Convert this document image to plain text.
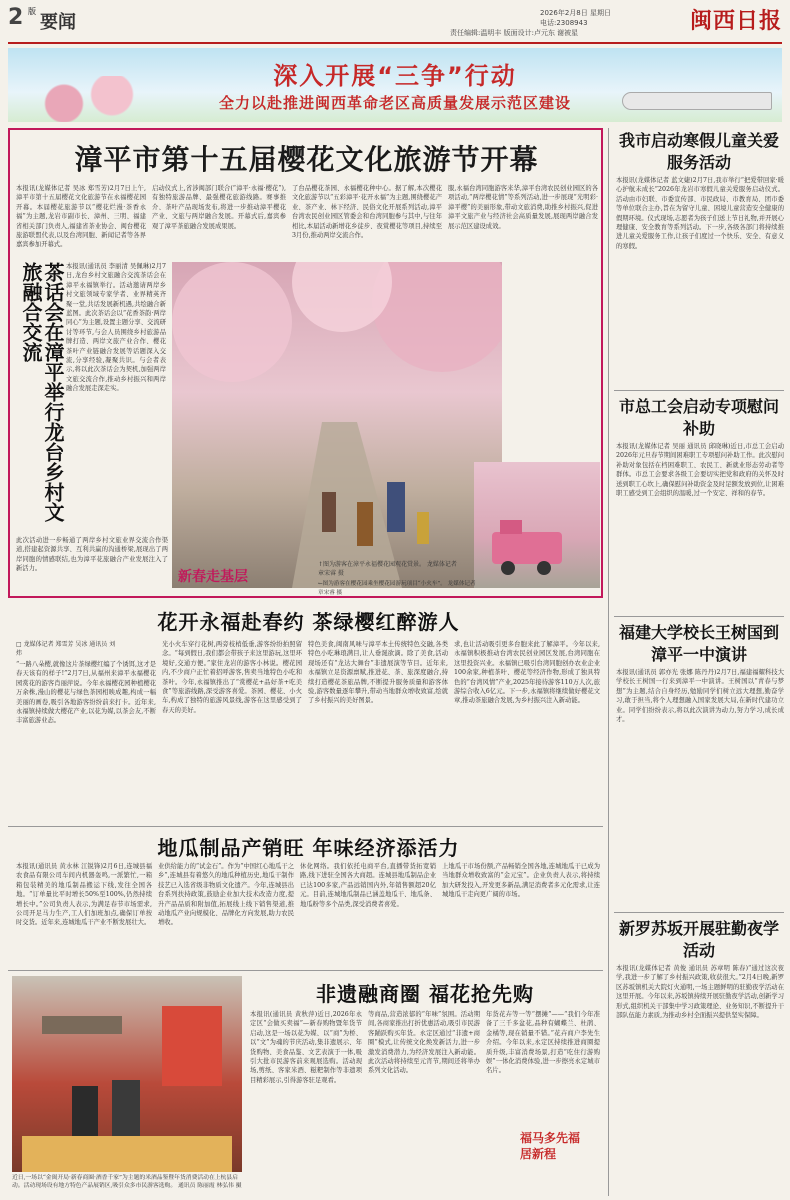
2 版
要闻	2026年2月8日 星期日
电话:2308943
责任编辑:温明丰 版面设计:卢元东 谢被星	闽西日报
深入开展“三争”行动
全力以赴推进闽西革命老区高质量发展示范区建设
漳平市第十五届樱花文化旅游节开幕
本报讯(龙媒体记者 吴冰 郑雪芳)2月7日上午,漳平市第十五届樱花文化旅游节在永福樱花园开幕。本届樱花旅游节以“樱花烂漫·茶香永福”为主题,龙岩市副市长、漳州、三明、福建省相关部门负责人,福建省茶业协会、闽台樱花旅游联盟代表,以及台湾同胞、新闻记者等各界嘉宾参加开幕式。
启动仪式上,省涉闽部门联合(“漳平·永福·樱花”),有独特旅游品牌、最强樱花旅游线路。赛事推介、茶叶产品现场发布,将进一步推动漳平樱花产业、文旅与两岸融合发展。开幕式后,嘉宾参观了漳平茶旅融合发展成果展。
了台品樱花茶园、永福樱花种中心。据了解,本次樱花文化旅游节以“五彩漳平·花开永福”为主题,围绕樱花产业、茶产业、林下经济、民俗文化开展系列活动,漳平台湾农民创业园区管委会和台湾同胞参与其中,与往年相比,本届活动新增花乡徒步、夜赏樱花等项目,持续至3月份,推动两岸交流合作。
服,永福台湾同胞游客来华,漳平台湾农民创业园区的各项活动,“两岸樱花情”等系列活动,进一步展现“光明彩·漳平樱”的美丽形象,带动文旅消费,助推乡村振兴,促进漳平文旅产业与经济社会高质量发展,展现两岸融合发展示范区建设成效。
茶话会在漳平举行龙台乡村文旅融合交流	本报讯(通讯员 李丽清 吴佩琳)2月7日,龙台乡村文旅融合交流茶话会在漳平永福镇举行。活动邀请两岸乡村文旅领域专家学者、业界精英齐聚一堂,共话发展新机遇,共绘融合新蓝图。此次茶话会以“花香茶韵·两岸同心”为主题,设置主题分享、交流研讨等环节,与会人员围绕乡村旅游品牌打造、两岸文旅产业合作、樱花茶叶产业链融合发展等话题深入交流,分享经验,凝聚共识。与会者表示,将以此次茶话会为契机,加强两岸文旅交流合作,推动乡村振兴和两岸融合发展走深走实。
此次活动进一步畅通了两岸乡村文旅业界交流合作渠道,搭建起资源共享、互利共赢的沟通桥梁,展现出了两岸同胞的情感联结,也为漳平花旅融合产业发展注入了新活力。
新春走基层
↑图为游客在漳平永福樱花园观花赏景。 龙媒体记者 章宋睿 摄
←图为游客在樱花园乘坐樱花园游玩项目“小火车”。 龙媒体记者 章宋睿 摄
花开永福赴春约 茶绿樱红醉游人
□ 龙媒体记者 郑雪芳 吴冰 通讯员 刘炜
“一路八朵樱,就像这片茶绿樱红编了个诱饵,这才是春天该有的样子!”2月7日,从福州来漳平永福樱花园赏花的游客肖丽萍说。今年永福樱花园种植樱花万余株,漫山的樱花与绿色茶园相映成趣,构成一幅美丽的画卷,吸引各地游客纷纷前来打卡。近年来,永福镇持续做大樱花产业,以花为媒,以茶会友,不断丰富旅游业态。
光小火车穿行花树,两旁枝梢低垂,游客纷纷拍照留念。“每到假日,我们都会带孩子来这里游玩,这里环境好,交通方便。”家住龙岩的游客小林说。樱花园内,不少商户正忙着招呼游客,售卖当地特色小吃和茶叶。今年,永福镇推出了“赏樱花+品好茶+吃美食”等旅游线路,深受游客喜爱。茶园、樱花、小火车,构成了独特的旅游风景线,游客在这里感受到了春天的美好。
特色美食,闽南风味与漳平本土传统特色交融,各类特色小吃琳琅满目,让人垂涎欲滴。除了美食,活动现场还有“龙达大舞台”非遗展演等节目。近年来,永福镇立足资源禀赋,推进花、茶、旅深度融合,持续打造樱花茶旅品牌,不断提升服务质量和游客体验,游客数量逐年攀升,带动当地群众增收致富,绘就了乡村振兴的美好图景。
求,也让活动吸引更多台胞来此了解漳平。今年以来,永福镇积极推动台湾农民创业园区发展,台湾同胞在这里投资兴业。永福镇已吸引台湾同胞创办农业企业100余家,种植茶叶、樱花等经济作物,形成了独具特色的“台湾风情”产业,2025年接待游客110万人次,旅游综合收入6亿元。下一步,永福镇将继续做好樱花文章,推动茶旅融合发展,为乡村振兴注入新动能。
地瓜制品产销旺 年味经济添活力
本报讯(通讯员 黄水林 江锐锋)2月6日,连城县福农食品有限公司车间内机器轰鸣,一派繁忙,一箱箱包装精美的地瓜制品搬运下线,发往全国各地。“订单量比平时增长50%至100%,仍然持续增长中。”公司负责人表示,为满足春节市场需求,公司开足马力生产,工人们加班加点,确保订单按时交货。近年来,连城地瓜干产业不断发展壮大。
业供给能力的“试金石”。作为“中国红心地瓜干之乡”,连城县有着悠久的地瓜种植历史,地瓜干制作技艺已入选省级非物质文化遗产。今年,连城县出台系列扶持政策,鼓励企业加大技术改造力度,提升产品品质和附加值,拓展线上线下销售渠道,推动地瓜产业向规模化、品牌化方向发展,助力农民增收。
休化网络。我们依托电商平台,直播带货拓宽销路,线下进驻全国各大商超。连城县地瓜制品企业已达100多家,产品远销国内外,年销售额超20亿元。目前,连城地瓜制品已涵盖地瓜干、地瓜条、地瓜粉等多个品类,深受消费者喜爱。
上地瓜干市场份额,产品畅销全国各地,连城地瓜干已成为当地群众增收致富的“金元宝”。企业负责人表示,将持续加大研发投入,开发更多新品,满足消费者多元化需求,让连城地瓜干走向更广阔的市场。
近日,一场以“金闽开局·新春商圈·酒香千家”为主题的米酒品鉴暨年货消费活动在上杭县启动。活动现场设有地方特色产品展销区,吸引众多市民游客选购。 通讯员 陈丽霞 林弘伟 摄
非遗融商圈 福花抢先购
本报讯(通讯员 黄秋萍)近日,2026年永定区“会做买卖福”—新春购物暨年货节启动,这是一场以花为媒、以“商”为桥、以“文”为魂的节庆活动,集非遗展示、年货购物、美食品鉴、文艺表演于一体,吸引大批市民游客前来观展选购。活动现场,剪纸、客家米酒、糍粑制作等非遗项目精彩展示,引得游客驻足观看。
等商品,营造浓郁的“年味”氛围。活动期间,各商家推出打折优惠活动,吸引市民游客踊跃购买年货。永定区通过“非遗+商圈”模式,让传统文化焕发新活力,进一步激发消费潜力,为经济发展注入新动能。此次活动将持续至元宵节,期间还将举办系列文化活动。
年货花卉等一等“摆摊”——“我们今年准备了三千多盆花,品种有蝴蝶兰、杜鹃、金橘等,现在销量不错。”花卉商户李先生介绍。今年以来,永定区持续推进商圈提质升级,丰富消费场景,打造“吃住行游购娱”一体化消费体验,进一步擦亮永定城市名片。
福马多先福居新程
我市启动寒假儿童关爱服务活动
本报讯(龙媒体记者 蓝文婕)2月7日,我市举行“把爱带回家·暖心护航未成长”2026年龙岩市寒假儿童关爱服务启动仪式。活动由市妇联、市委宣传部、市民政局、市教育局、团市委等单位联合主办,旨在为留守儿童、困境儿童营造安全健康的假期环境。仪式现场,志愿者为孩子们送上节日礼物,并开展心理健康、安全教育等系列活动。下一步,各级各部门将持续推进儿童关爱服务工作,让孩子们度过一个快乐、安全、有意义的寒假。
市总工会启动专项慰问补助
本报讯(龙媒体记者 吴丽 通讯员 邱晓琳)近日,市总工会启动2026年元旦春节期间困难职工专项慰问补助工作。此次慰问补助对象包括在档困难职工、农民工、新就业形态劳动者等群体。市总工会要求各级工会要切实把党和政府的关怀及时送到职工心坎上,确保慰问补助资金及时足额发放到位,让困难职工感受到工会组织的温暖,过一个安定、祥和的春节。
福建大学校长王树国到漳平一中演讲
本报讯(通讯员 郭亦光 张娜 陈丹丹)2月7日,福建福耀科技大学校长王树国一行来到漳平一中演讲。王树国以“青春与梦想”为主题,结合自身经历,勉励同学们树立远大理想,勤奋学习,敢于担当,将个人理想融入国家发展大局,在新时代建功立业。同学们纷纷表示,将以此次演讲为动力,努力学习,成长成才。
新罗苏坂开展驻勤夜学活动
本报讯(龙媒体记者 黄俊 通讯员 苏章明 陈春)“通过这次夜学,我进一步了解了乡村振兴政策,收获很大。”2月4日晚,新罗区苏坂镇机关大院灯火通明,一场主题鲜明的驻勤夜学活动在这里开展。今年以来,苏坂镇持续开展驻勤夜学活动,创新学习形式,组织机关干部集中学习政策理论、业务知识,不断提升干部队伍能力素质,为推动乡村全面振兴提供坚实保障。
